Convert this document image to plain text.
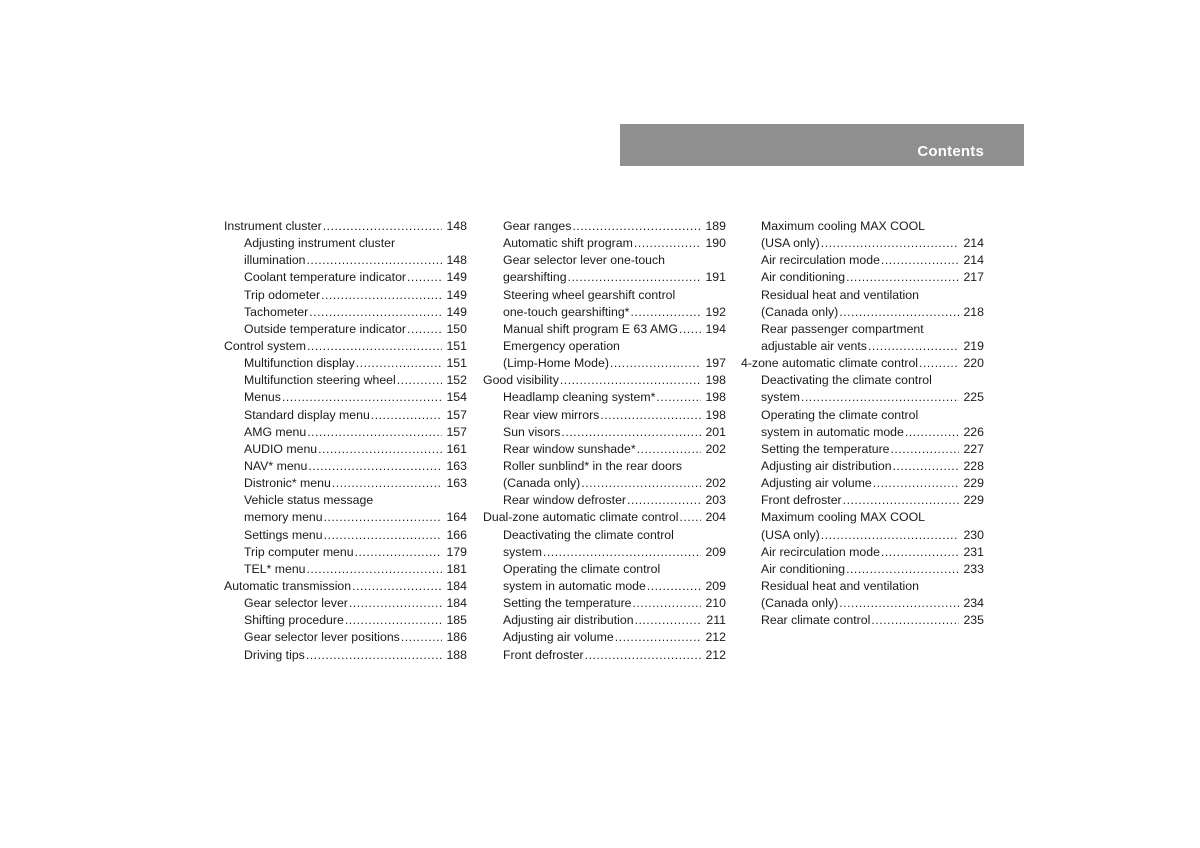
Contents
Instrument cluster .....	148
Adjusting instrument cluster
illumination .....	148
Coolant temperature indicator .....	149
Trip odometer .....	149
Tachometer .....	149
Outside temperature indicator .....	150
Control system .....	151
Multifunction display .....	151
Multifunction steering wheel .....	152
Menus .....	154
Standard display menu .....	157
AMG menu .....	157
AUDIO menu .....	161
NAV* menu .....	163
Distronic* menu .....	163
Vehicle status message
memory menu .....	164
Settings menu .....	166
Trip computer menu .....	179
TEL* menu .....	181
Automatic transmission .....	184
Gear selector lever .....	184
Shifting procedure .....	185
Gear selector lever positions .....	186
Driving tips .....	188
Gear ranges .....	189
Automatic shift program .....	190
Gear selector lever one-touch
gearshifting .....	191
Steering wheel gearshift control
one-touch gearshifting* .....	192
Manual shift program E 63 AMG ..... 194
Emergency operation
(Limp-Home Mode) .....	197
Good visibility .....	198
Headlamp cleaning system* .....	198
Rear view mirrors .....	198
Sun visors .....	201
Rear window sunshade* .....	202
Roller sunblind* in the rear doors
(Canada only) .....	202
Rear window defroster .....	203
Dual-zone automatic climate control ..... 204
Deactivating the climate control
system .....	209
Operating the climate control
system in automatic mode .....	209
Setting the temperature .....	210
Adjusting air distribution .....	211
Adjusting air volume .....	212
Front defroster .....	212
Maximum cooling MAX COOL
(USA only) .....	214
Air recirculation mode .....	214
Air conditioning .....	217
Residual heat and ventilation
(Canada only) .....	218
Rear passenger compartment
adjustable air vents .....	219
4-zone automatic climate control .....	220
Deactivating the climate control
system .....	225
Operating the climate control
system in automatic mode .....	226
Setting the temperature .....	227
Adjusting air distribution .....	228
Adjusting air volume .....	229
Front defroster .....	229
Maximum cooling MAX COOL
(USA only) .....	230
Air recirculation mode .....	231
Air conditioning .....	233
Residual heat and ventilation
(Canada only) .....	234
Rear climate control .....	235
